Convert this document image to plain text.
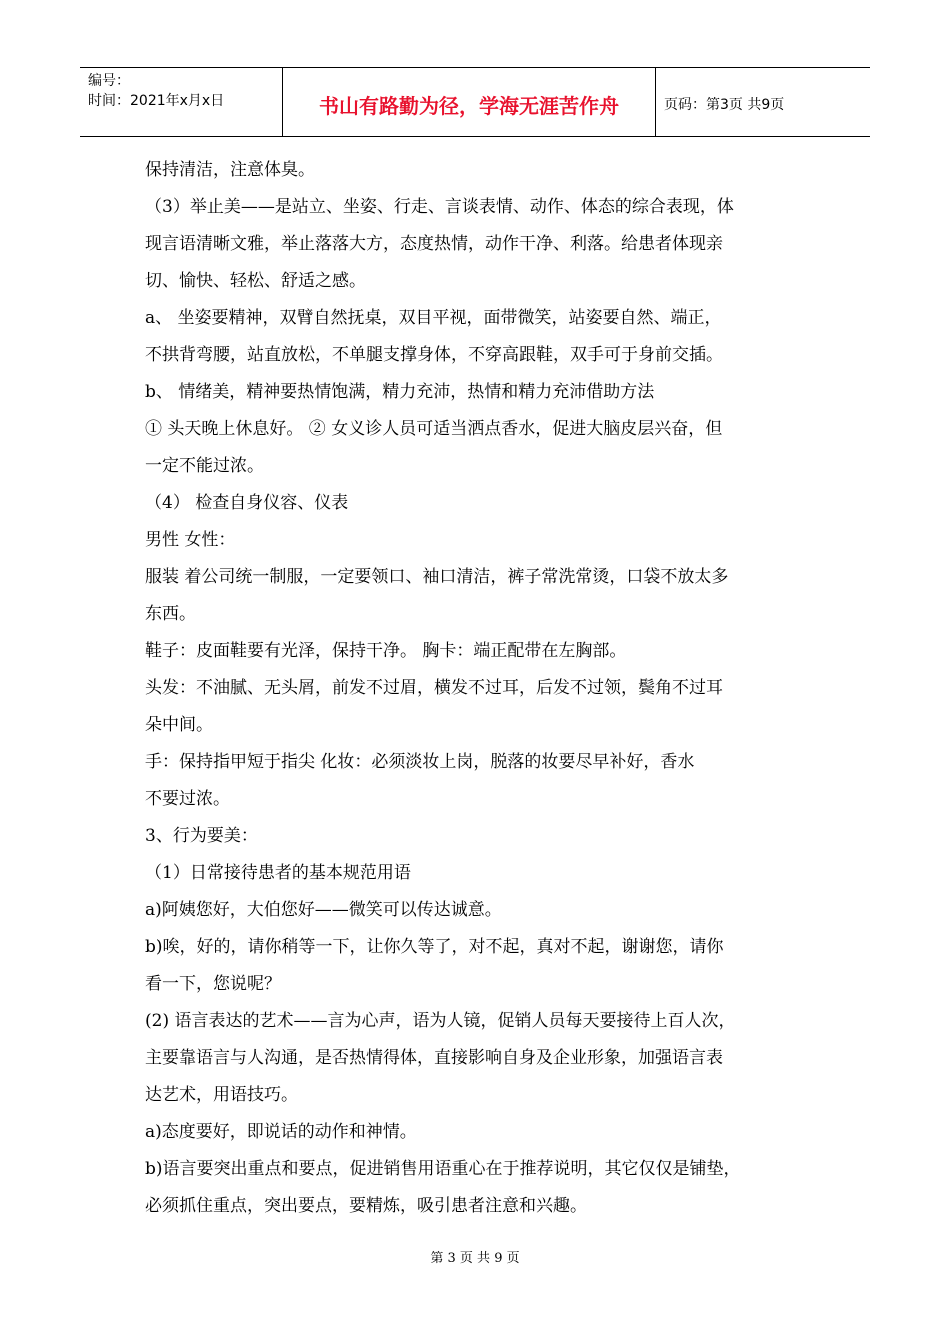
编号：
时间：2021年x月x日	书山有路勤为径，学海无涯苦作舟	页码：第3页 共9页
保持清洁，注意体臭。
（3）举止美——是站立、坐姿、行走、言谈表情、动作、体态的综合表现，体
现言语清晰文雅，举止落落大方，态度热情，动作干净、利落。给患者体现亲
切、愉快、轻松、舒适之感。
a、 坐姿要精神，双臂自然抚桌，双目平视，面带微笑，站姿要自然、端正，
不拱背弯腰，站直放松，不单腿支撑身体，不穿高跟鞋，双手可于身前交插。
b、 情绪美，精神要热情饱满，精力充沛，热情和精力充沛借助方法
① 头天晚上休息好。 ② 女义诊人员可适当洒点香水，促进大脑皮层兴奋，但
一定不能过浓。
（4） 检查自身仪容、仪表
男性 女性：
服装 着公司统一制服，一定要领口、袖口清洁，裤子常洗常烫，口袋不放太多
东西。
鞋子：皮面鞋要有光泽，保持干净。 胸卡：端正配带在左胸部。
头发：不油腻、无头屑，前发不过眉，横发不过耳，后发不过领，鬓角不过耳
朵中间。
手：保持指甲短于指尖 化妆：必须淡妆上岗，脱落的妆要尽早补好，香水
不要过浓。
3、行为要美：
（1）日常接待患者的基本规范用语
a)阿姨您好，大伯您好——微笑可以传达诚意。
b)唉，好的，请你稍等一下，让你久等了，对不起，真对不起，谢谢您，请你
看一下，您说呢？
(2) 语言表达的艺术——言为心声，语为人镜，促销人员每天要接待上百人次，
主要靠语言与人沟通，是否热情得体，直接影响自身及企业形象，加强语言表
达艺术，用语技巧。
a)态度要好，即说话的动作和神情。
b)语言要突出重点和要点，促进销售用语重心在于推荐说明，其它仅仅是铺垫，
必须抓住重点，突出要点，要精炼，吸引患者注意和兴趣。
第 3 页 共 9 页
